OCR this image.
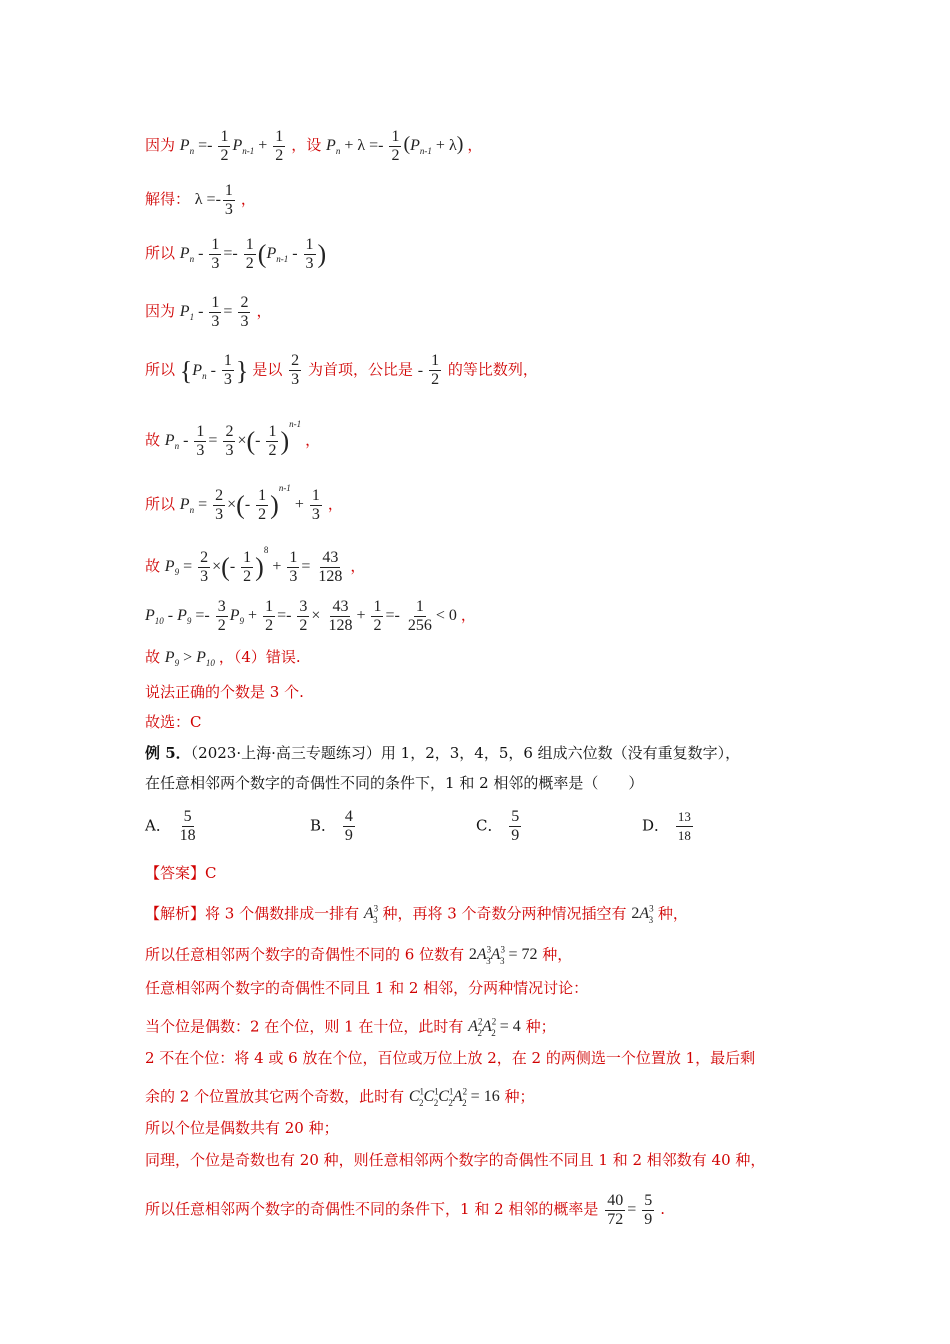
因为 $P_n =- \frac{1}{2} P_{n-1} + \frac{1}{2}$ ，设 $P_n + \lambda =- \frac{1}{2} (P_{n-1} + \lambda)$ ，
解得： $\lambda =- \frac{1}{3}$ ，
所以 $P_n - \frac{1}{3} =- \frac{1}{2} (P_{n-1} - \frac{1}{3}$ )
因为 $P_1 - \frac{1}{3} = \frac{2}{3}$ ，
所以 {$P_n - \frac{1}{3}$ } 是以 $\frac{2}{3}$ 为首项，公比是 - $\frac{1}{2}$ 的等比数列，
故 $P_n - \frac{1}{3} = \frac{2}{3}$ ×(- $\frac{1}{2} )^{n-1}$ ，
所以 $P_n = \frac{2}{3}$ ×(- $\frac{1}{2} )^{n-1} + \frac{1}{3}$ ，
故 $P_9 = \frac{2}{3}$ ×(- $\frac{1}{2} )^8 + \frac{1}{3} = \frac{43}{128}$ ，
$P_{10} - P_9 =- \frac{3}{2} P_9 + \frac{1}{2} =- \frac{3}{2} \times \frac{43}{128} + \frac{1}{2} =- \frac{1}{256} < 0$ ，
故 $P_9 > P_{10}$ ，（4）错误.
说法正确的个数是 3 个.
故选：C
例 5．（2023·上海·高三专题练习）用 1，2，3，4，5，6 组成六位数（没有重复数字），
在任意相邻两个数字的奇偶性不同的条件下，1 和 2 相邻的概率是（　　）
A． $\frac{5}{18}$	B． $\frac{4}{9}$	C． $\frac{5}{9}$	D． $\frac{13}{18}$
【答案】C
【解析】将 3 个偶数排成一排有 $A^3_3$ 种，再将 3 个奇数分两种情况插空有 $2A^3_3$ 种，
所以任意相邻两个数字的奇偶性不同的 6 位数有 $2A^3_3A^3_3 = 72$ 种，
任意相邻两个数字的奇偶性不同且 1 和 2 相邻，分两种情况讨论：
当个位是偶数：2 在个位，则 1 在十位，此时有 $A^2_2A^2_2 = 4$ 种；
2 不在个位：将 4 或 6 放在个位，百位或万位上放 2，在 2 的两侧选一个位置放 1，最后剩
余的 2 个位置放其它两个奇数，此时有 $C^1_2C^1_2C^1_2A^2_2 = 16$ 种；
所以个位是偶数共有 20 种；
同理，个位是奇数也有 20 种，则任意相邻两个数字的奇偶性不同且 1 和 2 相邻数有 40 种，
所以任意相邻两个数字的奇偶性不同的条件下，1 和 2 相邻的概率是 $\frac{40}{72} = \frac{5}{9}$ .
